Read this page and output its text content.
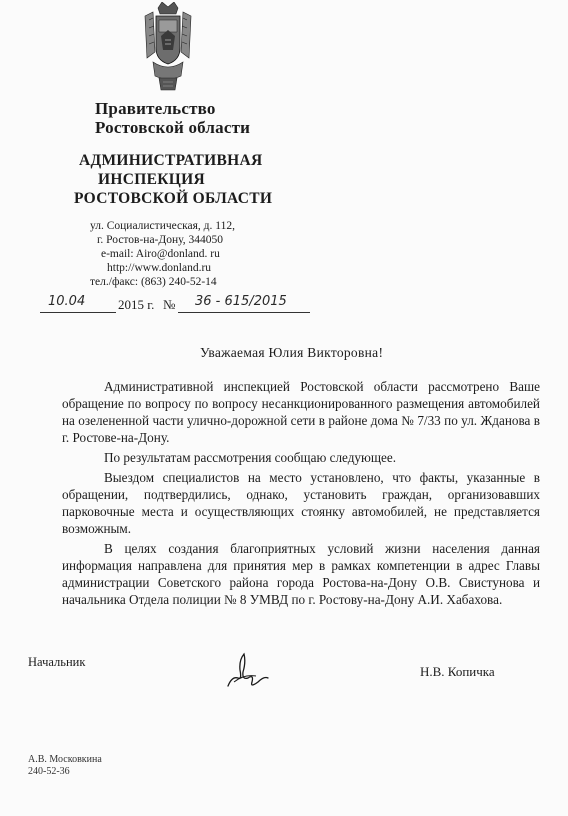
Правительство
Ростовской области
АДМИНИСТРАТИВНАЯ
ИНСПЕКЦИЯ
РОСТОВСКОЙ ОБЛАСТИ
ул. Социалистическая, д. 112,
г. Ростов-на-Дону, 344050
e-mail: Airo@donland. ru
http://www.donland.ru
тел./факс: (863) 240-52-14
10.04	2015 г. № 36 - 615/2015
Уважаемая Юлия Викторовна!

Административной инспекцией Ростовской области рассмотрено Ваше обращение по вопросу по вопросу несанкционированного размещения автомобилей на озелененной части улично-дорожной сети в районе дома № 7/33 по ул. Жданова в г. Ростове-на-Дону.

По результатам рассмотрения сообщаю следующее.

Выездом специалистов на место установлено, что факты, указанные в обращении, подтвердились, однако, установить граждан, организовавших парковочные места и осуществляющих стоянку автомобилей, не представляется возможным.

В целях создания благоприятных условий жизни населения данная информация направлена для принятия мер в рамках компетенции в адрес Главы администрации Советского района города Ростова-на-Дону О.В. Свистунова и начальника Отдела полиции № 8 УМВД по г. Ростову-на-Дону А.И. Хабахова.

Начальник
Н.В. Копичка
А.В. Московкина
240-52-36
